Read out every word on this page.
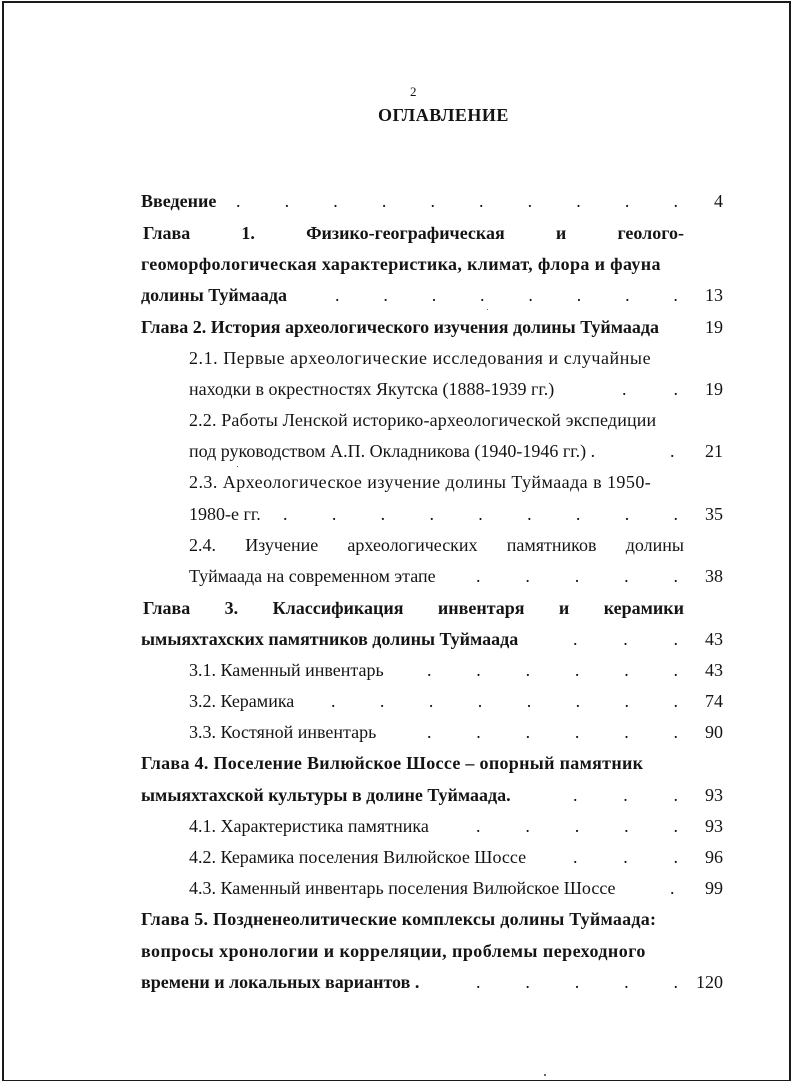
2
ОГЛАВЛЕНИЕ
Введение . . . . . . . . . . 4
Глава	1.	Физико-географическая	и	геолого-
геоморфологическая характеристика, климат, флора и фауна
долины Туймаада	. . . . . . . . 13
Глава 2. История археологического изучения долины Туймаада	19
2.1. Первые археологические исследования и случайные
находки в окрестностях Якутска (1888-1939 гг.)	.	. 19
2.2. Работы Ленской историко-археологической экспедиции
под руководством А.П. Окладникова (1940-1946 гг.) .	. 21
2.3. Археологическое изучение долины Туймаада в 1950-
1980-е гг. . . . . . . . . . 35
2.4. Изучение археологических памятников долины
Туймаада на современном этапе . . . . . 38
Глава 3. Классификация инвентаря и керамики
ымыяхтахских памятников долины Туймаада	.	.	. 43
3.1. Каменный инвентарь . . . . . . 43
3.2. Керамика . . . . . . . . 74
3.3. Костяной инвентарь	. . . . . . 90
Глава 4. Поселение Вилюйское Шоссе – опорный памятник
ымыяхтахской культуры в долине Туймаада.	.	.	. 93
4.1. Характеристика памятника	. . . . . 93
4.2. Керамика поселения Вилюйское Шоссе	.	.	. 96
4.3. Каменный инвентарь поселения Вилюйское Шоссе	. 99
Глава 5. Поздненеолитические комплексы долины Туймаада:
вопросы хронологии и корреляции, проблемы переходного
времени и локальных вариантов .	. . . . . 120
